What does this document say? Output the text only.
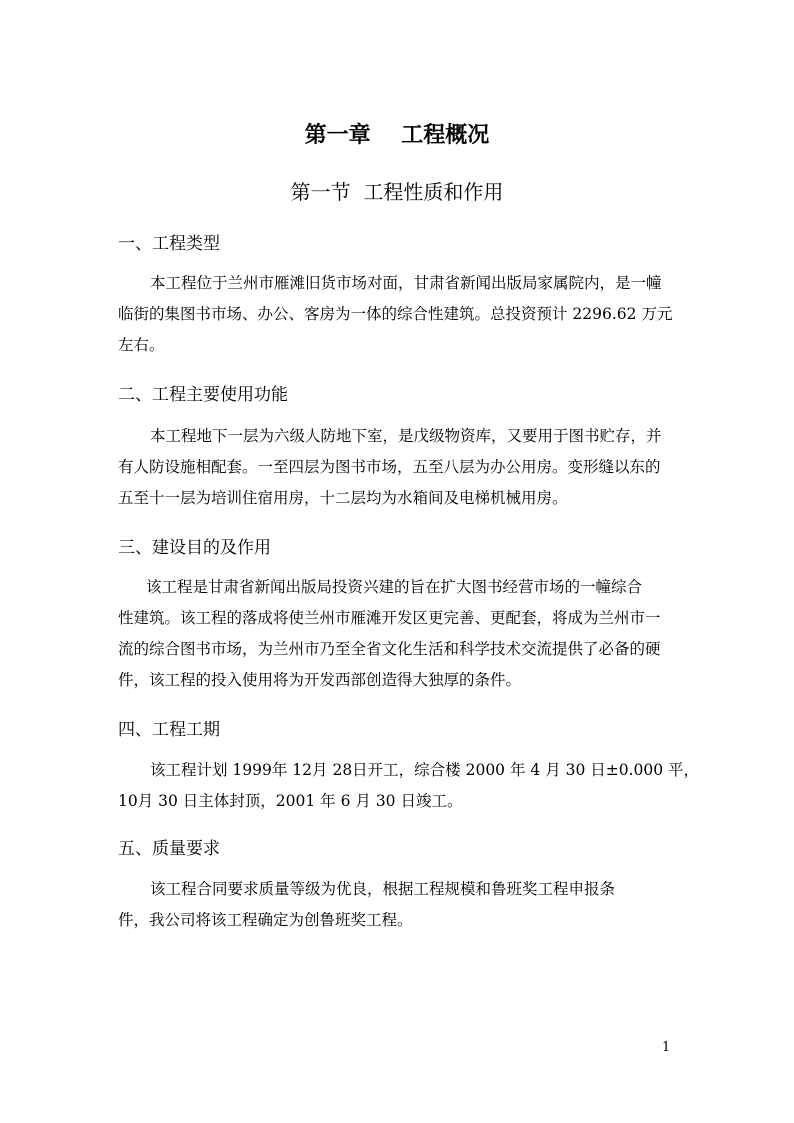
第一章    工程概况
第一节  工程性质和作用
一、工程类型
本工程位于兰州市雁滩旧货市场对面，甘肃省新闻出版局家属院内，是一幢
临街的集图书市场、办公、客房为一体的综合性建筑。总投资预计 2296.62 万元
左右。
二、工程主要使用功能
本工程地下一层为六级人防地下室，是戊级物资库，又要用于图书贮存，并
有人防设施相配套。一至四层为图书市场，五至八层为办公用房。变形缝以东的
五至十一层为培训住宿用房，十二层均为水箱间及电梯机械用房。
三、建设目的及作用
该工程是甘肃省新闻出版局投资兴建的旨在扩大图书经营市场的一幢综合
性建筑。该工程的落成将使兰州市雁滩开发区更完善、更配套，将成为兰州市一
流的综合图书市场，为兰州市乃至全省文化生活和科学技术交流提供了必备的硬
件，该工程的投入使用将为开发西部创造得大独厚的条件。
四、工程工期
该工程计划 1999年 12月 28日开工，综合楼 2000 年 4 月 30 日±0.000 平，
10月 30 日主体封顶，2001 年 6 月 30 日竣工。
五、质量要求
该工程合同要求质量等级为优良，根据工程规模和鲁班奖工程申报条
件，我公司将该工程确定为创鲁班奖工程。
1
